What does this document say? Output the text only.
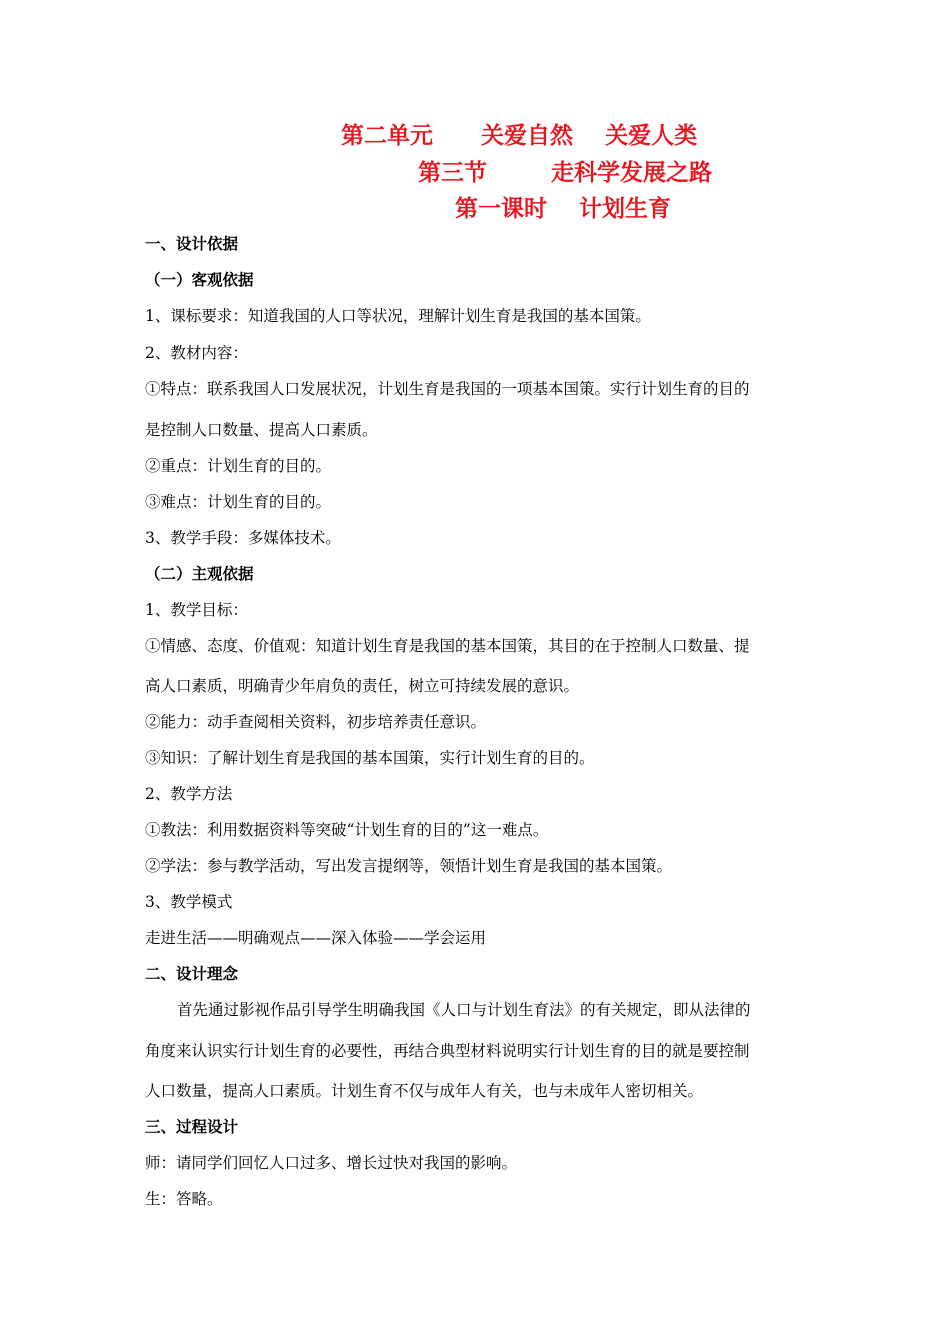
第二单元      关爱自然    关爱人类
第三节        走科学发展之路
第一课时    计划生育
一、设计依据
（一）客观依据
1、课标要求：知道我国的人口等状况，理解计划生育是我国的基本国策。
2、教材内容：
①特点：联系我国人口发展状况，计划生育是我国的一项基本国策。实行计划生育的目的
是控制人口数量、提高人口素质。
②重点：计划生育的目的。
③难点：计划生育的目的。
3、教学手段：多媒体技术。
（二）主观依据
1、教学目标：
①情感、态度、价值观：知道计划生育是我国的基本国策，其目的在于控制人口数量、提
高人口素质，明确青少年肩负的责任，树立可持续发展的意识。
②能力：动手查阅相关资料，初步培养责任意识。
③知识：了解计划生育是我国的基本国策，实行计划生育的目的。
2、教学方法
①教法：利用数据资料等突破“计划生育的目的”这一难点。
②学法：参与教学活动，写出发言提纲等，领悟计划生育是我国的基本国策。
3、教学模式
走进生活——明确观点——深入体验——学会运用
二、设计理念
首先通过影视作品引导学生明确我国《人口与计划生育法》的有关规定，即从法律的
角度来认识实行计划生育的必要性，再结合典型材料说明实行计划生育的目的就是要控制
人口数量，提高人口素质。计划生育不仅与成年人有关，也与未成年人密切相关。
三、过程设计
师：请同学们回忆人口过多、增长过快对我国的影响。
生：答略。
